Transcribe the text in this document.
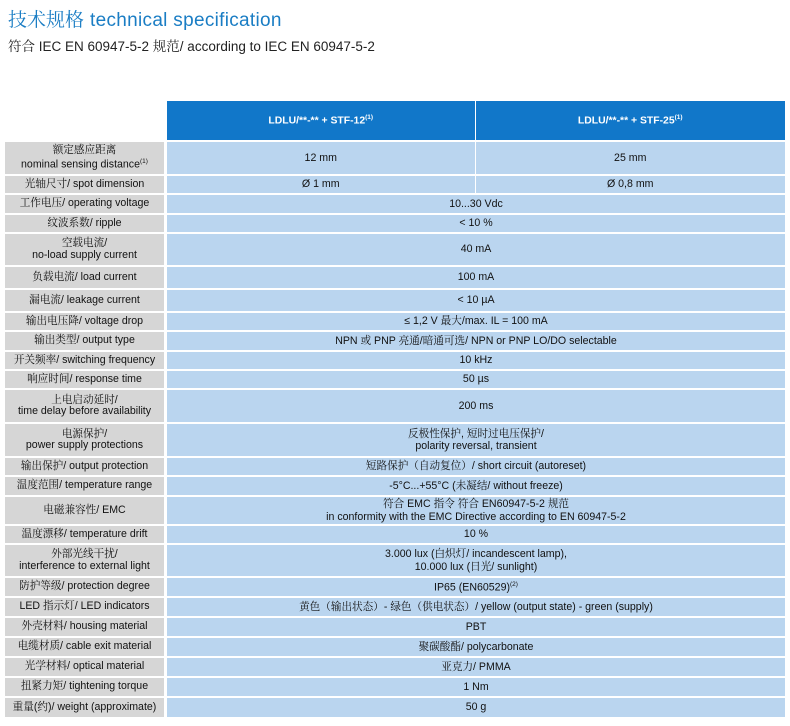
技术规格 technical specification

符合 IEC EN 60947-5-2 规范/ according to IEC EN 60947-5-2

		LDLU/**-** + STF-$12^{(1)}$	LDLU/**-** + STF-$25^{(1)}$
额定感应距离
nominal sensing distance$^{(1)}$		12 mm	25 mm
光轴尺寸/ spot dimension		Ø 1 mm	Ø 0,8 mm
工作电压/ operating voltage		10...30 Vdc	
纹波系数/ ripple		< 10 %	
空载电流/
no-load supply current		40 mA	
负载电流/ load current		100 mA	
漏电流/ leakage current		< 10 µA	
输出电压降/ voltage drop		≤ 1,2 V 最大/max. IL = 100 mA	
输出类型/ output type		NPN 或 PNP 亮通/暗通可选/ NPN or PNP LO/DO selectable	
开关频率/ switching frequency		10 kHz	
响应时间/ response time		50 µs	
上电启动延时/
time delay before availability		200 ms	
电源保护/
power supply protections		反极性保护, 短时过电压保护/
polarity reversal, transient	
输出保护/ output protection		短路保护（自动复位）/ short circuit (autoreset)	
温度范围/ temperature range		-5°C...+55°C (未凝结/ without freeze)	
电磁兼容性/ EMC		符合 EMC 指令 符合 EN60947-5-2 规范
in conformity with the EMC Directive according to EN 60947-5-2	
温度漂移/ temperature drift		10 %	
外部光线干扰/
interference to external light		3.000 lux (白炽灯/ incandescent lamp),
10.000 lux (日光/ sunlight)	
防护等级/ protection degree		IP65 $(EN60529)^{(2)}$
LED 指示灯/ LED indicators		黄色（输出状态）- 绿色（供电状态）/ yellow (output state) - green (supply)	
外壳材料/ housing material		PBT	
电缆材质/ cable exit material		聚碳酸酯/ polycarbonate	
光学材料/ optical material		亚克力/ PMMA	
扭紧力矩/ tightening torque		1 Nm	
重量(约)/ weight (approximate)		50 g	
